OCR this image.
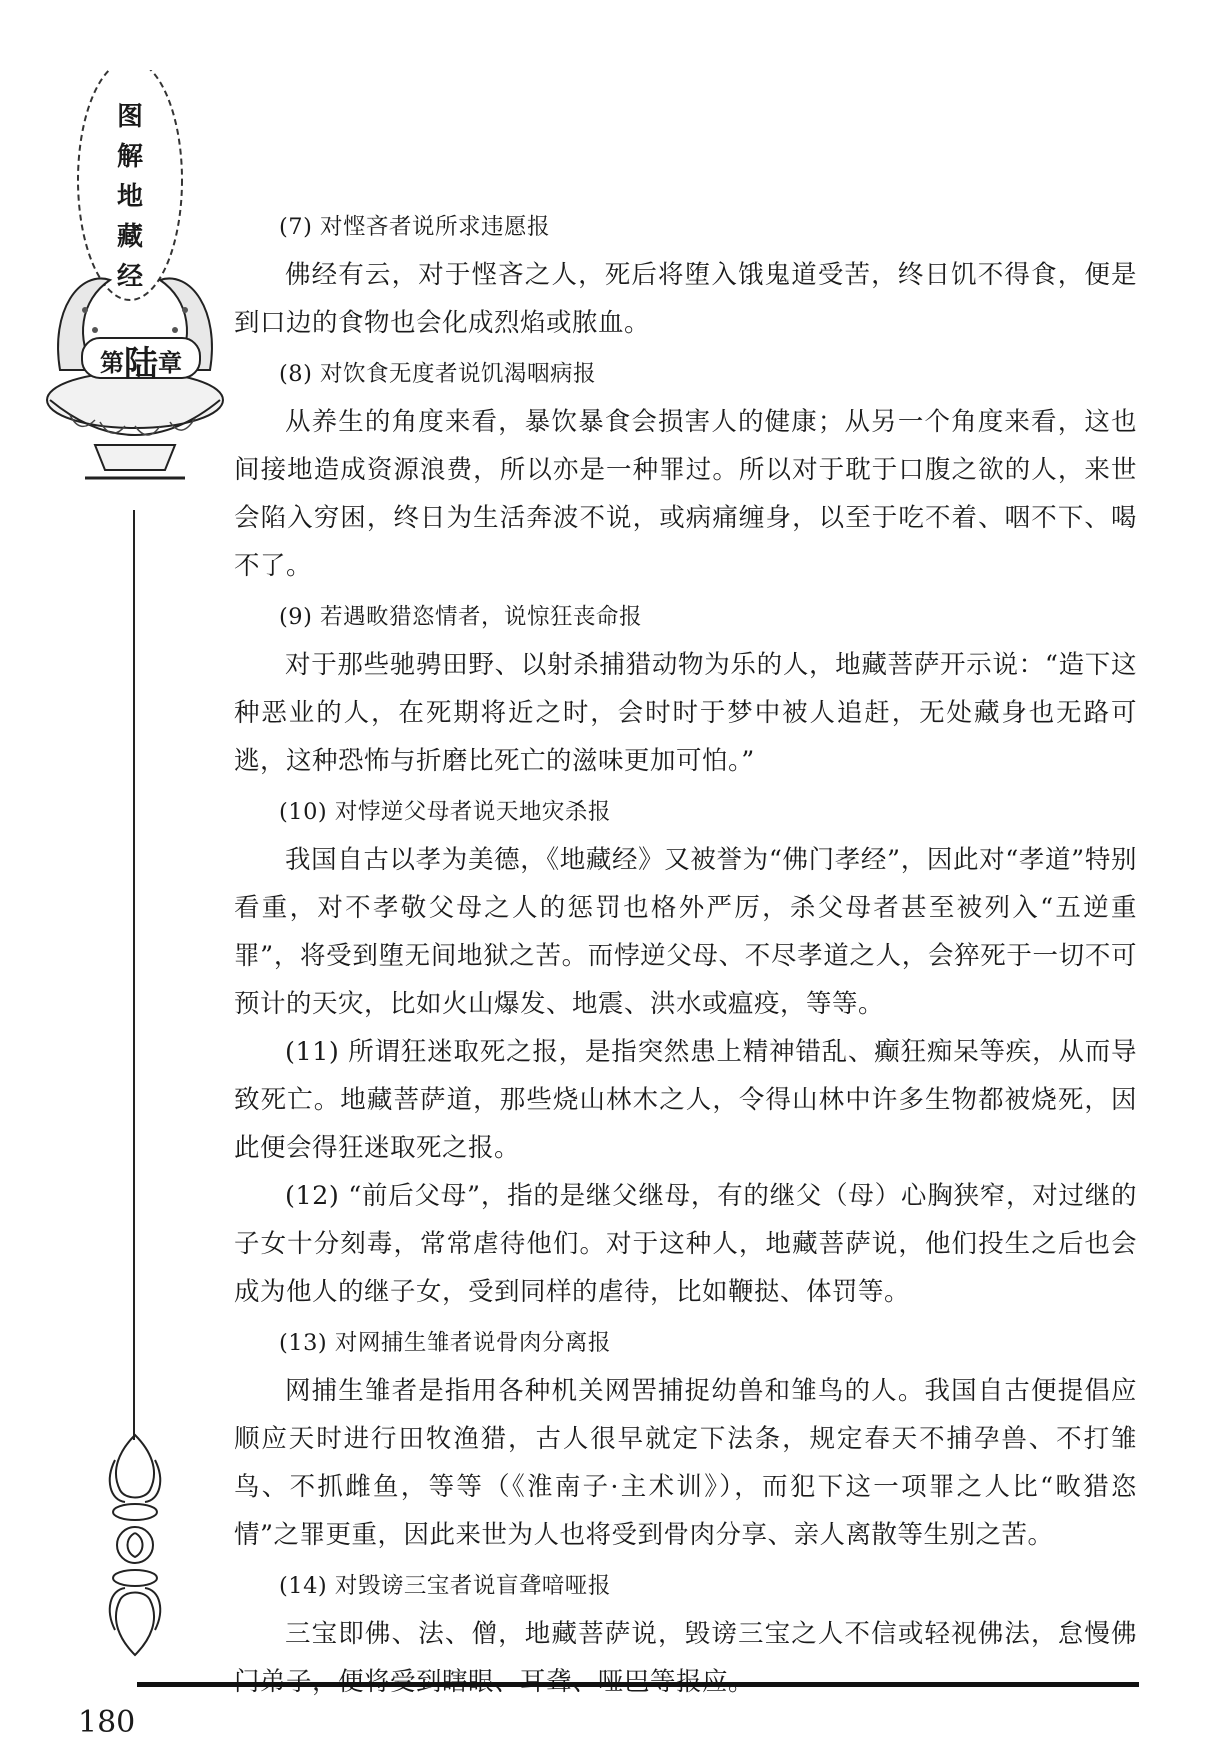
图
解
地
藏
经
第 陆 章

(7) 对悭吝者说所求违愿报

佛经有云，对于悭吝之人，死后将堕入饿鬼道受苦，终日饥不得食，便是到口边的食物也会化成烈焰或脓血。

(8) 对饮食无度者说饥渴咽病报

从养生的角度来看，暴饮暴食会损害人的健康；从另一个角度来看，这也间接地造成资源浪费，所以亦是一种罪过。所以对于耽于口腹之欲的人，来世会陷入穷困，终日为生活奔波不说，或病痛缠身，以至于吃不着、咽不下、喝不了。

(9) 若遇畋猎恣情者，说惊狂丧命报

对于那些驰骋田野、以射杀捕猎动物为乐的人，地藏菩萨开示说：“造下这种恶业的人，在死期将近之时，会时时于梦中被人追赶，无处藏身也无路可逃，这种恐怖与折磨比死亡的滋味更加可怕。”

(10) 对悖逆父母者说天地灾杀报

我国自古以孝为美德，《地藏经》又被誉为“佛门孝经”，因此对“孝道”特别看重，对不孝敬父母之人的惩罚也格外严厉，杀父母者甚至被列入“五逆重罪”，将受到堕无间地狱之苦。而悖逆父母、不尽孝道之人，会猝死于一切不可预计的天灾，比如火山爆发、地震、洪水或瘟疫，等等。

(11) 所谓狂迷取死之报，是指突然患上精神错乱、癫狂痴呆等疾，从而导致死亡。地藏菩萨道，那些烧山林木之人，令得山林中许多生物都被烧死，因此便会得狂迷取死之报。

(12) “前后父母”，指的是继父继母，有的继父（母）心胸狭窄，对过继的子女十分刻毒，常常虐待他们。对于这种人，地藏菩萨说，他们投生之后也会成为他人的继子女，受到同样的虐待，比如鞭挞、体罚等。

(13) 对网捕生雏者说骨肉分离报

网捕生雏者是指用各种机关网罟捕捉幼兽和雏鸟的人。我国自古便提倡应顺应天时进行田牧渔猎，古人很早就定下法条，规定春天不捕孕兽、不打雏鸟、不抓雌鱼，等等（《淮南子·主术训》），而犯下这一项罪之人比“畋猎恣情”之罪更重，因此来世为人也将受到骨肉分享、亲人离散等生别之苦。

(14) 对毁谤三宝者说盲聋喑哑报

三宝即佛、法、僧，地藏菩萨说，毁谤三宝之人不信或轻视佛法，怠慢佛

180
